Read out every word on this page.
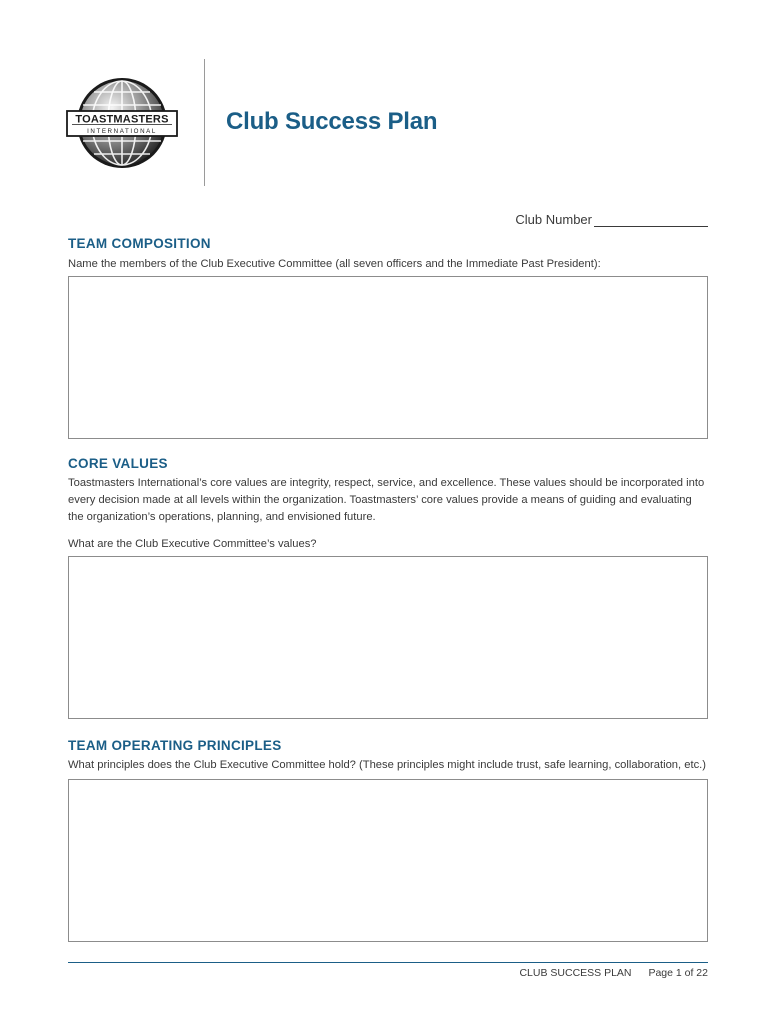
TOASTMASTERS
INTERNATIONAL	Club Success Plan
Club Number
TEAM COMPOSITION

Name the members of the Club Executive Committee (all seven officers and the Immediate Past President):

CORE VALUES

Toastmasters International’s core values are integrity, respect, service, and excellence. These values should be incorporated into every decision made at all levels within the organization. Toastmasters’ core values provide a means of guiding and evaluating the organization’s operations, planning, and envisioned future.

What are the Club Executive Committee’s values?

TEAM OPERATING PRINCIPLES

What principles does the Club Executive Committee hold? (These principles might include trust, safe learning, collaboration, etc.)

CLUB SUCCESS PLAN Page 1 of 22
